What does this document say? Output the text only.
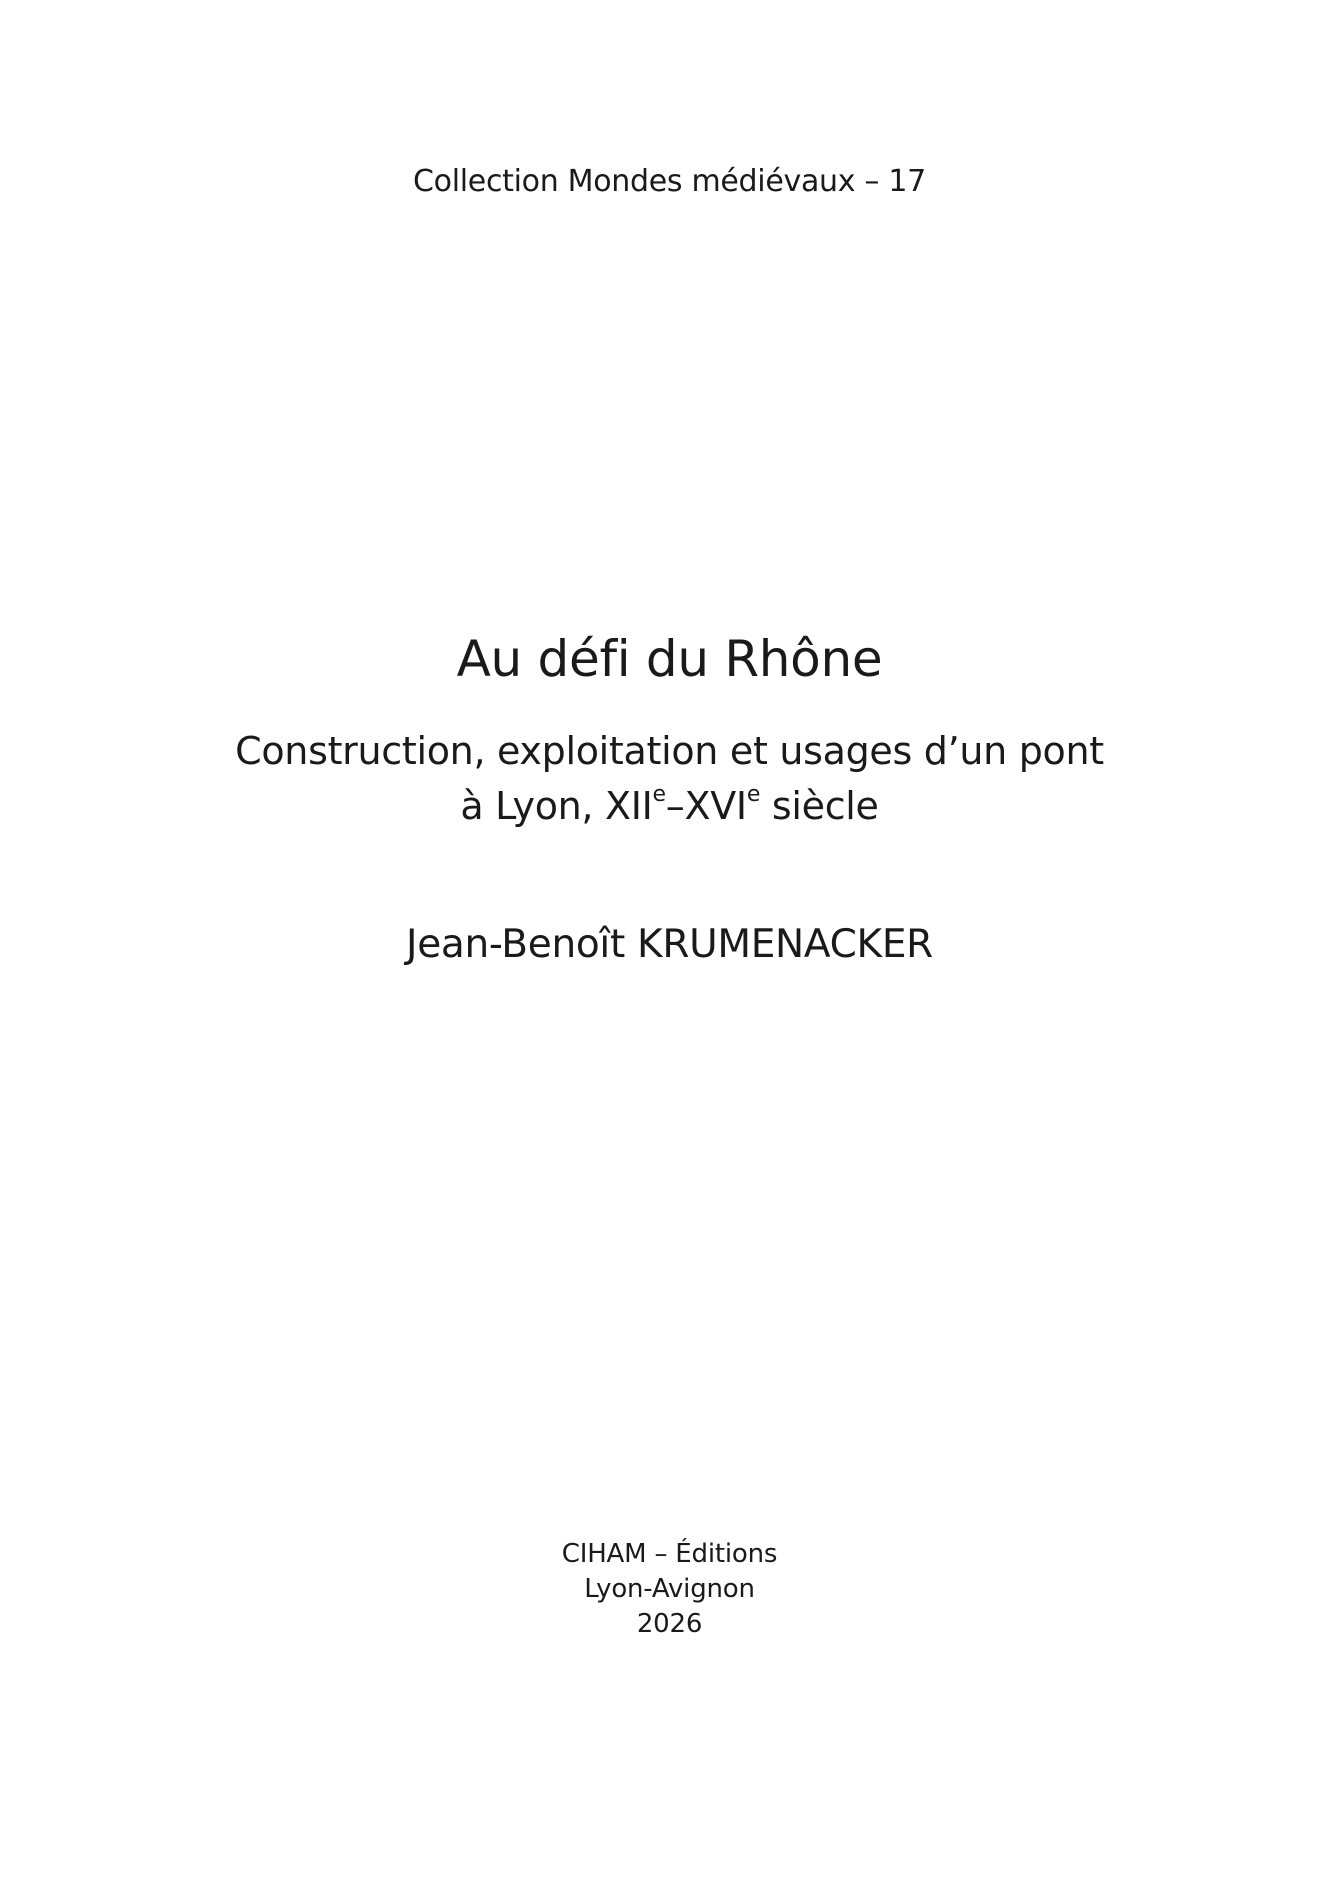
Collection Mondes médiévaux – 17
Au défi du Rhône
Construction, exploitation et usages d’un pont
à Lyon, XIIe–XVIe siècle
Jean-Benoît KRUMENACKER
CIHAM – Éditions
Lyon-Avignon
2026
